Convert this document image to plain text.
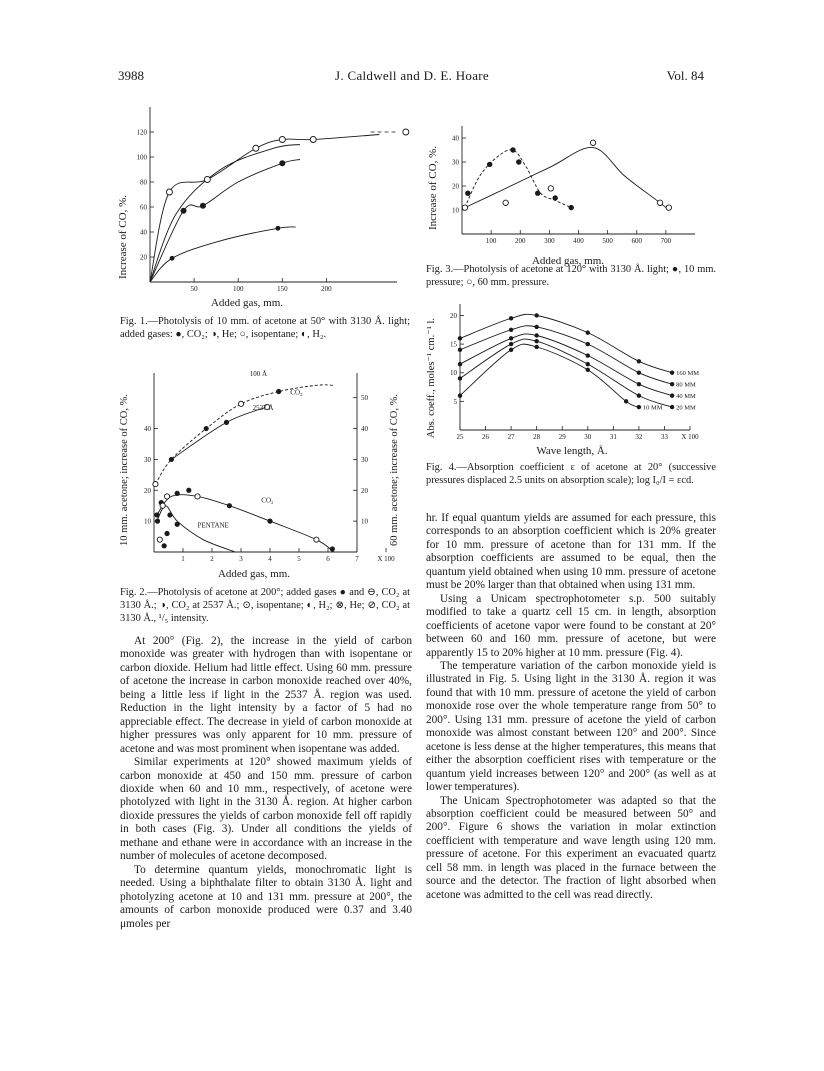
3988	J. Caldwell and D. E. Hoare	Vol. 84
50	100	150	200
20
40
60
80
100
120
Added gas, mm.
Increase of CO, %.
Fig. 1.—Photolysis of 10 mm. of acetone at 50° with 3130 Å. light; added gases: ●, CO₂; ◑, He; ○, isopentane; ◐, H₂.
1	2	3	4	5	6	7	X 100
10
20
30
40
10
20
30
40
50
100 Å
CO₂
2537 Å
CO₂
PENTANE
Added gas, mm.
10 mm. acetone; increase of CO, %.	60 mm. acetone; increase of CO, %.
Fig. 2.—Photolysis of acetone at 200°; added gases ● and ⊖, CO₂ at 3130 Å.; ◑, CO₂ at 2537 Å.; ⊙, isopentane; ◐, H₂; ⊗, He; ⊘, CO₂ at 3130 Å., ¹/₅ intensity.
100	200	300	400	500	600	700
10
20
30
40
Added gas, mm.
Increase of CO, %.
Fig. 3.—Photolysis of acetone at 120° with 3130 Å. light; ●, 10 mm. pressure; ○, 60 mm. pressure.
25	26	27	28	29	30	31	32	33 X 100
5
10
15
20
160 MM
80 MM
40 MM
20 MM
10 MM
Wave length, Å.
Abs. coeff., moles⁻¹ cm.⁻¹ l.
Fig. 4.—Absorption coefficient ε of acetone at 20° (successive pressures displaced 2.5 units on absorption scale); log I₀/I = εcd.

At 200° (Fig. 2), the increase in the yield of carbon monoxide was greater with hydrogen than with isopentane or carbon dioxide. Helium had little effect. Using 60 mm. pressure of acetone the increase in carbon monoxide reached over 40%, being a little less if light in the 2537 Å. region was used. Reduction in the light intensity by a factor of 5 had no appreciable effect. The decrease in yield of carbon monoxide at higher pressures was only apparent for 10 mm. pressure of acetone and was most prominent when isopentane was added.

Similar experiments at 120° showed maximum yields of carbon monoxide at 450 and 150 mm. pressure of carbon dioxide when 60 and 10 mm., respectively, of acetone were photolyzed with light in the 3130 Å. region. At higher carbon dioxide pressures the yields of carbon monoxide fell off rapidly in both cases (Fig. 3). Under all conditions the yields of methane and ethane were in accordance with an increase in the number of molecules of acetone decomposed.

To determine quantum yields, monochromatic light is needed. Using a biphthalate filter to obtain 3130 Å. light and photolyzing acetone at 10 and 131 mm. pressure at 200°, the amounts of carbon monoxide produced were 0.37 and 3.40 μmoles per

hr. If equal quantum yields are assumed for each pressure, this corresponds to an absorption coefficient which is 20% greater for 10 mm. pressure of acetone than for 131 mm. If the absorption coefficients are assumed to be equal, then the quantum yield obtained when using 10 mm. pressure of acetone must be 20% larger than that obtained when using 131 mm.

Using a Unicam spectrophotometer s.p. 500 suitably modified to take a quartz cell 15 cm. in length, absorption coefficients of acetone vapor were found to be constant at 20° between 60 and 160 mm. pressure of acetone, but were apparently 15 to 20% higher at 10 mm. pressure (Fig. 4).

The temperature variation of the carbon monoxide yield is illustrated in Fig. 5. Using light in the 3130 Å. region it was found that with 10 mm. pressure of acetone the yield of carbon monoxide rose over the whole temperature range from 50° to 200°. Using 131 mm. pressure of acetone the yield of carbon monoxide was almost constant between 120° and 200°. Since acetone is less dense at the higher temperatures, this means that either the absorption coefficient rises with temperature or the quantum yield increases between 120° and 200° (as well as at lower temperatures).

The Unicam Spectrophotometer was adapted so that the absorption coefficient could be measured between 50° and 200°. Figure 6 shows the variation in molar extinction coefficient with temperature and wave length using 120 mm. pressure of acetone. For this experiment an evacuated quartz cell 58 mm. in length was placed in the furnace between the source and the detector. The fraction of light absorbed when acetone was admitted to the cell was read directly.
